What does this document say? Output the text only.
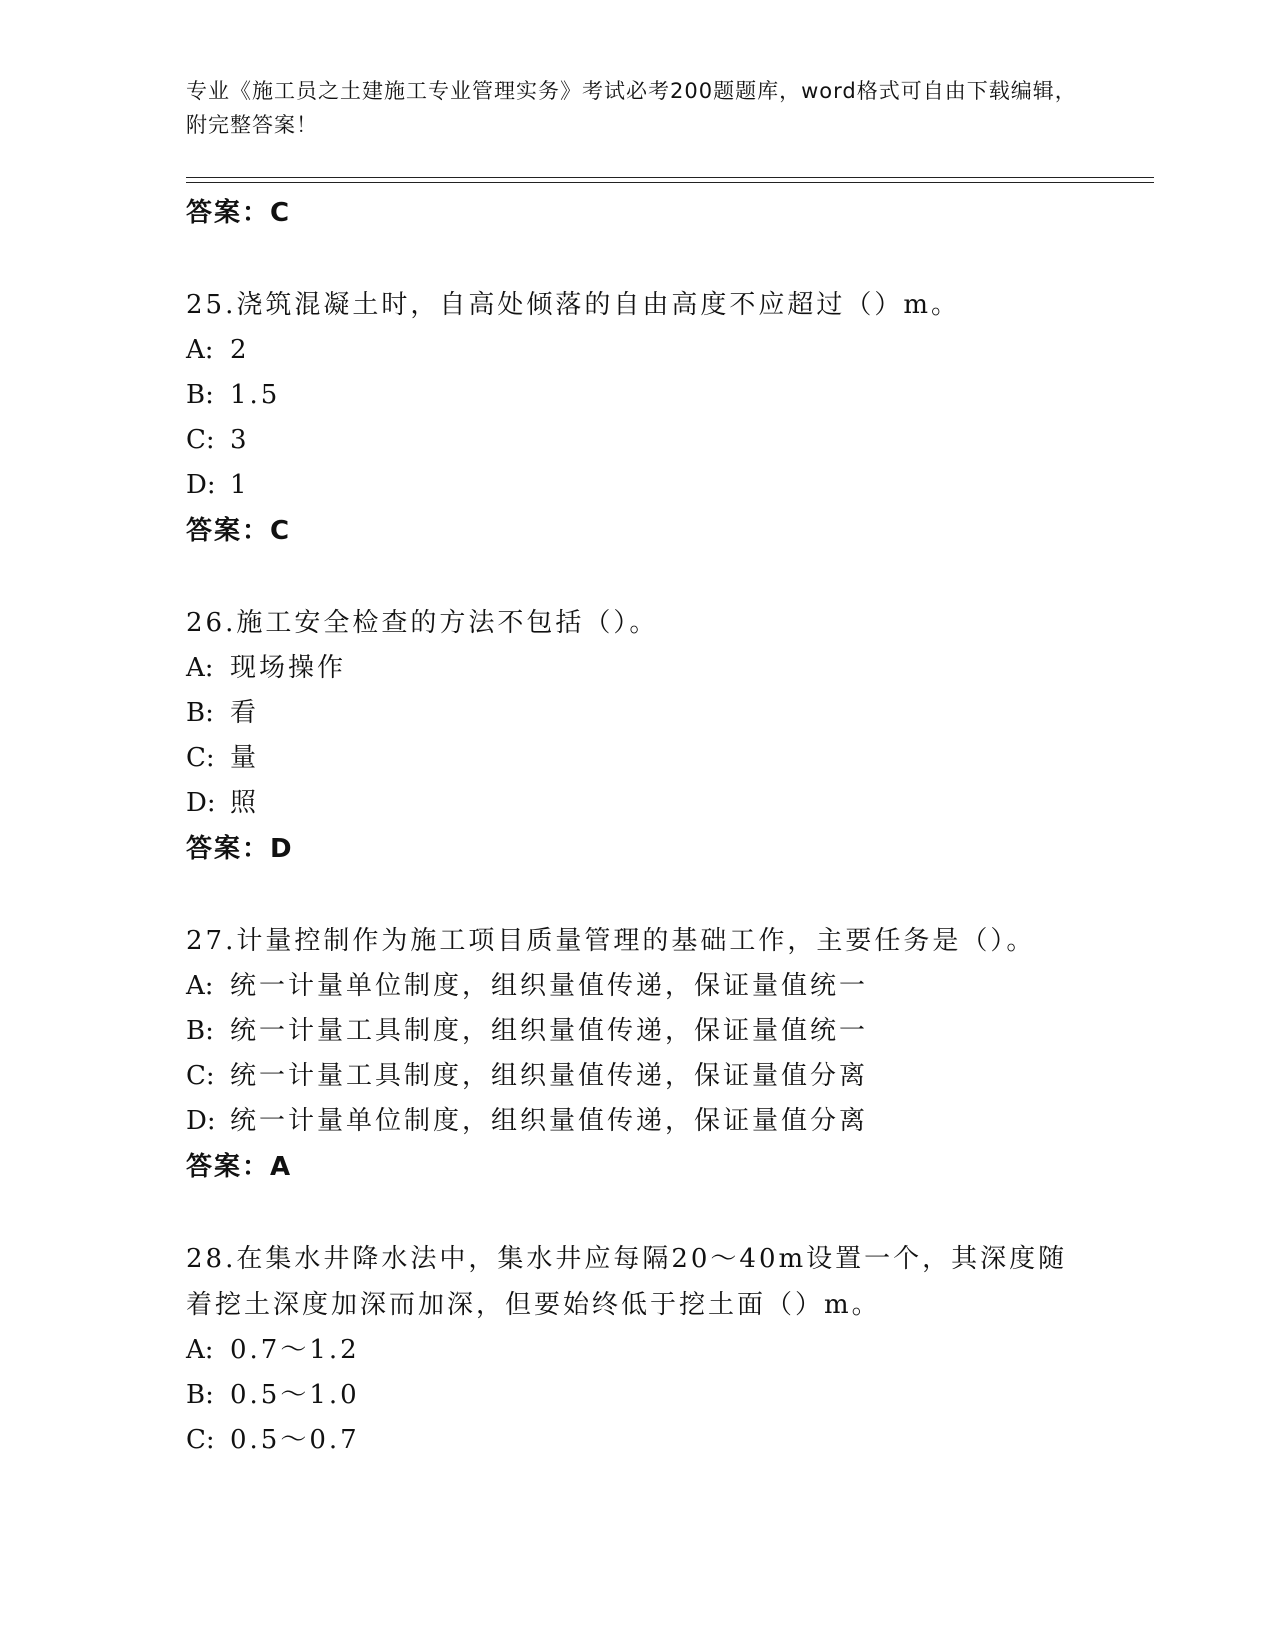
专业《施工员之土建施工专业管理实务》考试必考200题题库，word格式可自由下载编辑，附完整答案！
答案：C

25.浇筑混凝土时，自高处倾落的自由高度不应超过（）m。

A: 2
B: 1.5
C: 3
D: 1
答案：C

26.施工安全检查的方法不包括（）。

A: 现场操作
B: 看
C: 量
D: 照
答案：D

27.计量控制作为施工项目质量管理的基础工作，主要任务是（）。

A: 统一计量单位制度，组织量值传递，保证量值统一
B: 统一计量工具制度，组织量值传递，保证量值统一
C: 统一计量工具制度，组织量值传递，保证量值分离
D: 统一计量单位制度，组织量值传递，保证量值分离
答案：A

28.在集水井降水法中，集水井应每隔20～40m设置一个，其深度随着挖土深度加深而加深，但要始终低于挖土面（）m。

A: 0.7～1.2
B: 0.5～1.0
C: 0.5～0.7
